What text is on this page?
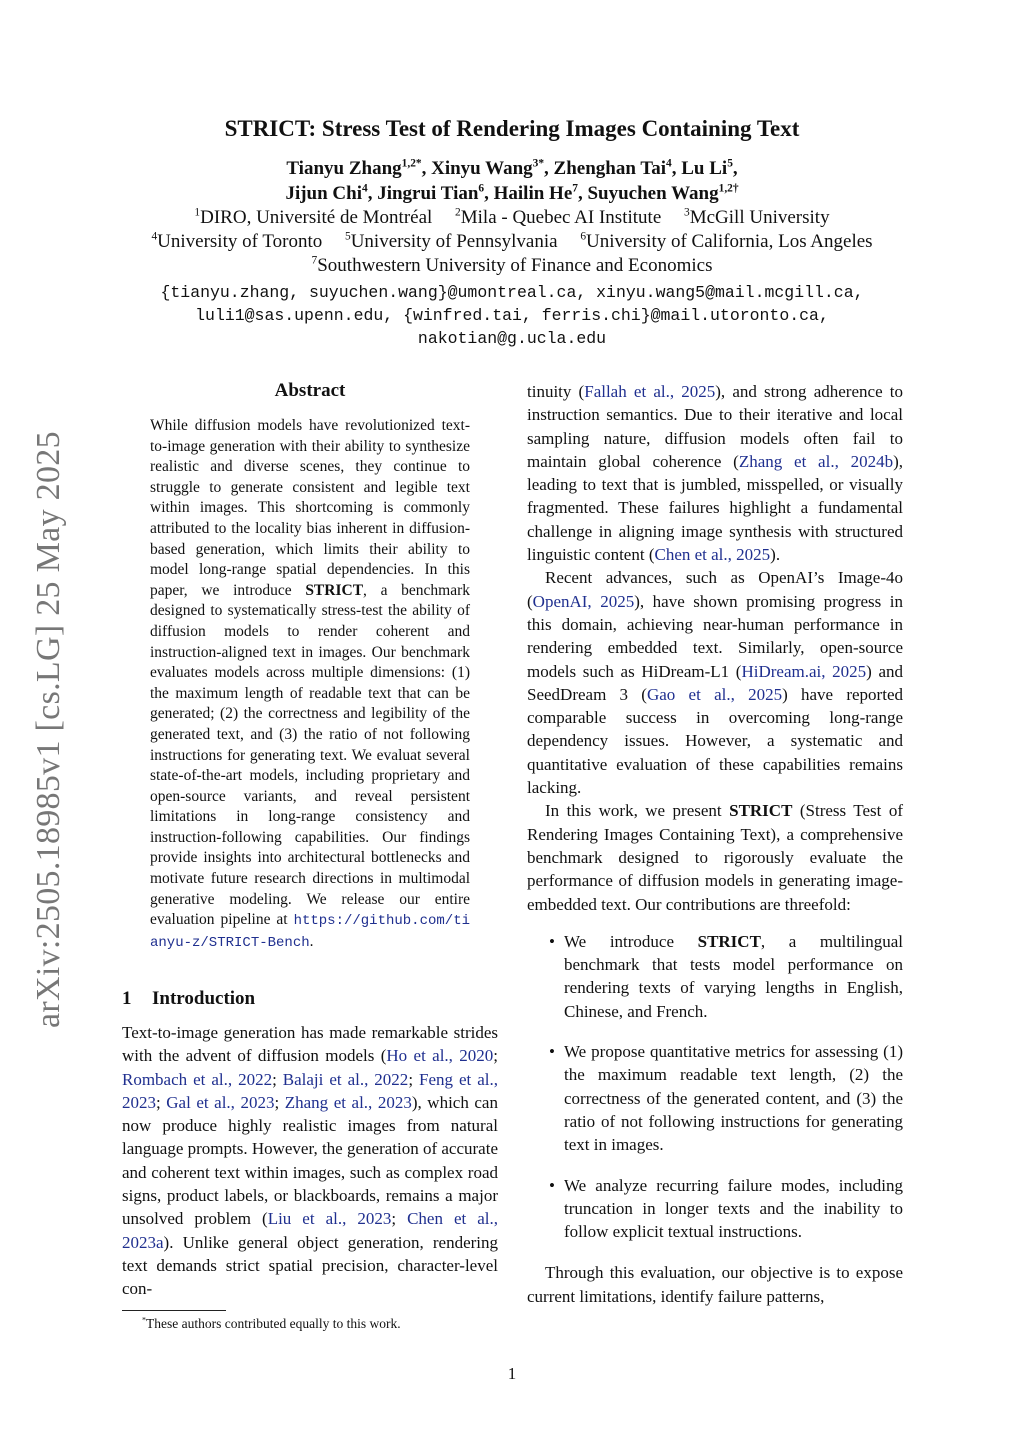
arXiv:2505.18985v1 [cs.LG] 25 May 2025
STRICT: Stress Test of Rendering Images Containing Text
Tianyu Zhang$^{1,2*}$, Xinyu Wang$^{3*}$, Zhenghan Tai$^4$, Lu Li$^5$,
Jijun Chi$^4$, Jingrui Tian$^6$, Hailin He$^7$, Suyuchen Wang$^{1,2\dagger}$
$^1$DIRO, Université de Montréal $^2$Mila - Quebec AI Institute $^3$McGill University
$^4$University of Toronto $^5$University of Pennsylvania $^6$University of California, Los Angeles
$^7$Southwestern University of Finance and Economics
{tianyu.zhang, suyuchen.wang}@umontreal.ca, xinyu.wang5@mail.mcgill.ca,
luli1@sas.upenn.edu, {winfred.tai, ferris.chi}@mail.utoronto.ca,
nakotian@g.ucla.edu
Abstract
While diffusion models have revolutionized text-to-image generation with their ability to synthesize realistic and diverse scenes, they continue to struggle to generate consistent and legible text within images. This shortcoming is commonly attributed to the locality bias inherent in diffusion-based generation, which limits their ability to model long-range spatial dependencies. In this paper, we introduce STRICT, a benchmark designed to systematically stress-test the ability of diffusion models to render coherent and instruction-aligned text in images. Our benchmark evaluates models across multiple dimensions: (1) the maximum length of readable text that can be generated; (2) the correctness and legibility of the generated text, and (3) the ratio of not following instructions for generating text. We evaluat several state-of-the-art models, including proprietary and open-source variants, and reveal persistent limitations in long-range consistency and instruction-following capabilities. Our findings provide insights into architectural bottlenecks and motivate future research directions in multimodal generative modeling. We release our entire evaluation pipeline at https://github.com/tianyu-z/STRICT-Bench.
1 Introduction
Text-to-image generation has made remarkable strides with the advent of diffusion models (Ho et al., 2020; Rombach et al., 2022; Balaji et al., 2022; Feng et al., 2023; Gal et al., 2023; Zhang et al., 2023), which can now produce highly realistic images from natural language prompts. However, the generation of accurate and coherent text within images, such as complex road signs, product labels, or blackboards, remains a major unsolved problem (Liu et al., 2023; Chen et al., 2023a). Unlike general object generation, rendering text demands strict spatial precision, character-level con-
*These authors contributed equally to this work.

tinuity (Fallah et al., 2025), and strong adherence to instruction semantics. Due to their iterative and local sampling nature, diffusion models often fail to maintain global coherence (Zhang et al., 2024b), leading to text that is jumbled, misspelled, or visually fragmented. These failures highlight a fundamental challenge in aligning image synthesis with structured linguistic content (Chen et al., 2025).

Recent advances, such as OpenAI’s Image-4o (OpenAI, 2025), have shown promising progress in this domain, achieving near-human performance in rendering embedded text. Similarly, open-source models such as HiDream-L1 (HiDream.ai, 2025) and SeedDream 3 (Gao et al., 2025) have reported comparable success in overcoming long-range dependency issues. However, a systematic and quantitative evaluation of these capabilities remains lacking.

In this work, we present STRICT (Stress Test of Rendering Images Containing Text), a comprehensive benchmark designed to rigorously evaluate the performance of diffusion models in generating image-embedded text. Our contributions are threefold:

• We introduce STRICT, a multilingual benchmark that tests model performance on rendering texts of varying lengths in English, Chinese, and French.
• We propose quantitative metrics for assessing (1) the maximum readable text length, (2) the correctness of the generated content, and (3) the ratio of not following instructions for generating text in images.
• We analyze recurring failure modes, including truncation in longer texts and the inability to follow explicit textual instructions.

Through this evaluation, our objective is to expose current limitations, identify failure patterns,

1
